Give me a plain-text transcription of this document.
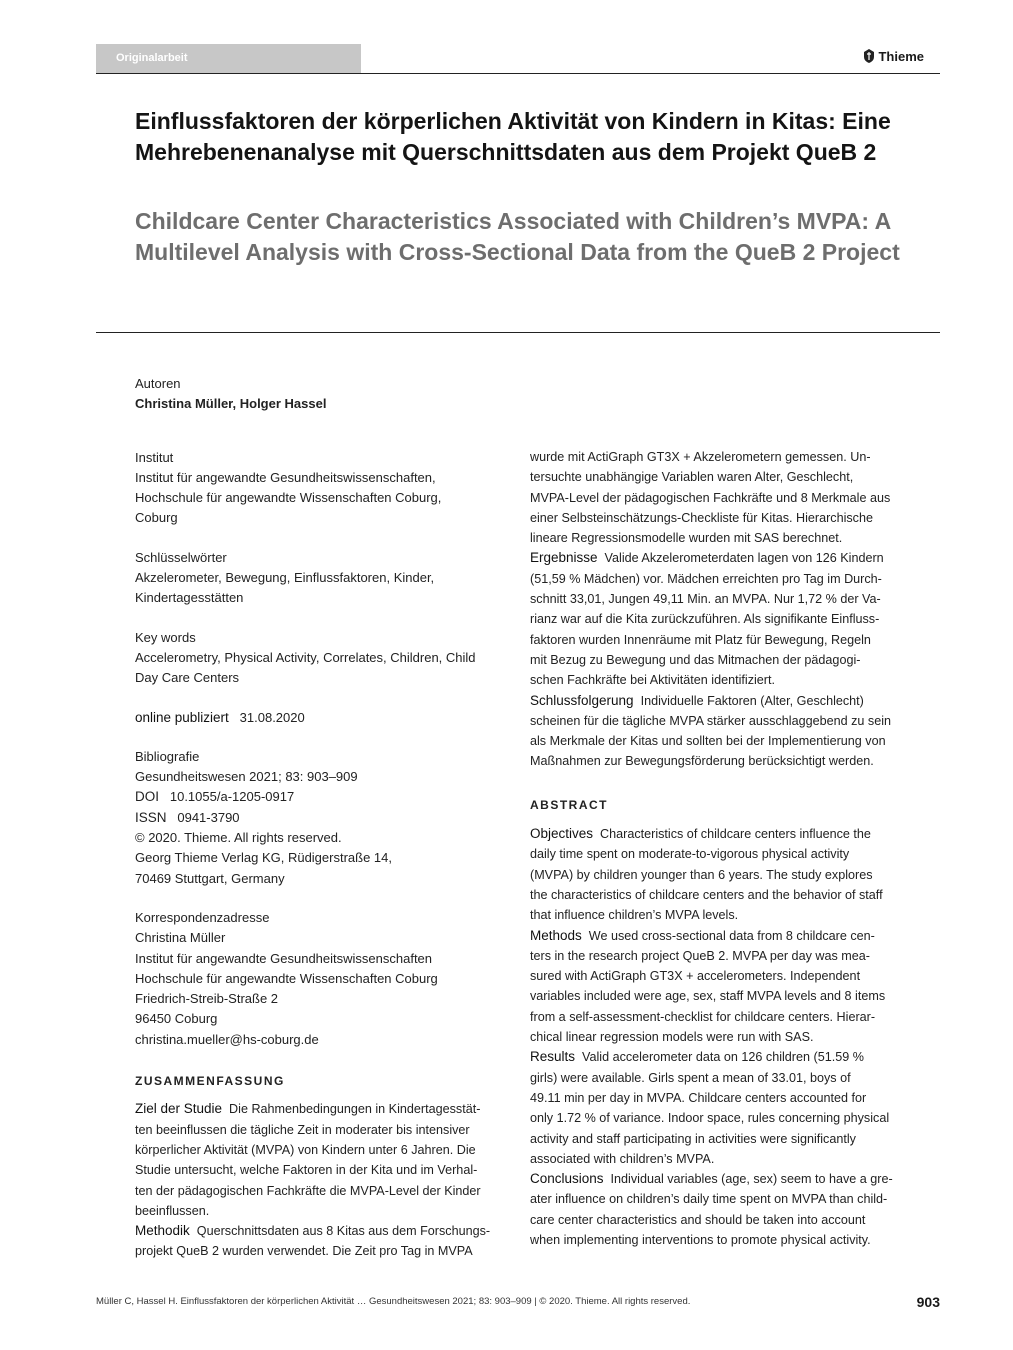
Originalarbeit	Thieme
Einflussfaktoren der körperlichen Aktivität von Kindern in Kitas: Eine Mehrebenenanalyse mit Querschnittsdaten aus dem Projekt QueB 2
Childcare Center Characteristics Associated with Children’s MVPA: A Multilevel Analysis with Cross-Sectional Data from the QueB 2 Project

Autoren

Christina Müller, Holger Hassel

Institut

Institut für angewandte Gesundheitswissenschaften,

Hochschule für angewandte Wissenschaften Coburg,

Coburg

Schlüsselwörter

Akzelerometer, Bewegung, Einflussfaktoren, Kinder,

Kindertagesstätten

Key words

Accelerometry, Physical Activity, Correlates, Children, Child

Day Care Centers

online publiziert 31.08.2020

Bibliografie

Gesundheitswesen 2021; 83: 903–909

DOI 10.1055/a-1205-0917

ISSN 0941-3790

© 2020. Thieme. All rights reserved.

Georg Thieme Verlag KG, Rüdigerstraße 14,

70469 Stuttgart, Germany

Korrespondenzadresse

Christina Müller

Institut für angewandte Gesundheitswissenschaften

Hochschule für angewandte Wissenschaften Coburg

Friedrich-Streib-Straße 2

96450 Coburg

christina.mueller@hs-coburg.de

ZUSAMMENFASSUNG

Ziel der Studie Die Rahmenbedingungen in Kindertagesstät-

ten beeinflussen die tägliche Zeit in moderater bis intensiver

körperlicher Aktivität (MVPA) von Kindern unter 6 Jahren. Die

Studie untersucht, welche Faktoren in der Kita und im Verhal-

ten der pädagogischen Fachkräfte die MVPA-Level der Kinder

beeinflussen.

Methodik Querschnittsdaten aus 8 Kitas aus dem Forschungs-

projekt QueB 2 wurden verwendet. Die Zeit pro Tag in MVPA

wurde mit ActiGraph GT3X + Akzelerometern gemessen. Un-

tersuchte unabhängige Variablen waren Alter, Geschlecht,

MVPA-Level der pädagogischen Fachkräfte und 8 Merkmale aus

einer Selbsteinschätzungs-Checkliste für Kitas. Hierarchische

lineare Regressionsmodelle wurden mit SAS berechnet.

Ergebnisse Valide Akzelerometerdaten lagen von 126 Kindern

(51,59 % Mädchen) vor. Mädchen erreichten pro Tag im Durch-

schnitt 33,01, Jungen 49,11 Min. an MVPA. Nur 1,72 % der Va-

rianz war auf die Kita zurückzuführen. Als signifikante Einfluss-

faktoren wurden Innenräume mit Platz für Bewegung, Regeln

mit Bezug zu Bewegung und das Mitmachen der pädagogi-

schen Fachkräfte bei Aktivitäten identifiziert.

Schlussfolgerung Individuelle Faktoren (Alter, Geschlecht)

scheinen für die tägliche MVPA stärker ausschlaggebend zu sein

als Merkmale der Kitas und sollten bei der Implementierung von

Maßnahmen zur Bewegungsförderung berücksichtigt werden.

ABSTRACT

Objectives Characteristics of childcare centers influence the

daily time spent on moderate-to-vigorous physical activity

(MVPA) by children younger than 6 years. The study explores

the characteristics of childcare centers and the behavior of staff

that influence children’s MVPA levels.

Methods We used cross-sectional data from 8 childcare cen-

ters in the research project QueB 2. MVPA per day was mea-

sured with ActiGraph GT3X + accelerometers. Independent

variables included were age, sex, staff MVPA levels and 8 items

from a self-assessment-checklist for childcare centers. Hierar-

chical linear regression models were run with SAS.

Results Valid accelerometer data on 126 children (51.59 %

girls) were available. Girls spent a mean of 33.01, boys of

49.11 min per day in MVPA. Childcare centers accounted for

only 1.72 % of variance. Indoor space, rules concerning physical

activity and staff participating in activities were significantly

associated with children’s MVPA.

Conclusions Individual variables (age, sex) seem to have a gre-

ater influence on children’s daily time spent on MVPA than child-

care center characteristics and should be taken into account

when implementing interventions to promote physical activity.

Müller C, Hassel H. Einflussfaktoren der körperlichen Aktivität … Gesundheitswesen 2021; 83: 903–909 | © 2020. Thieme. All rights reserved.	903
